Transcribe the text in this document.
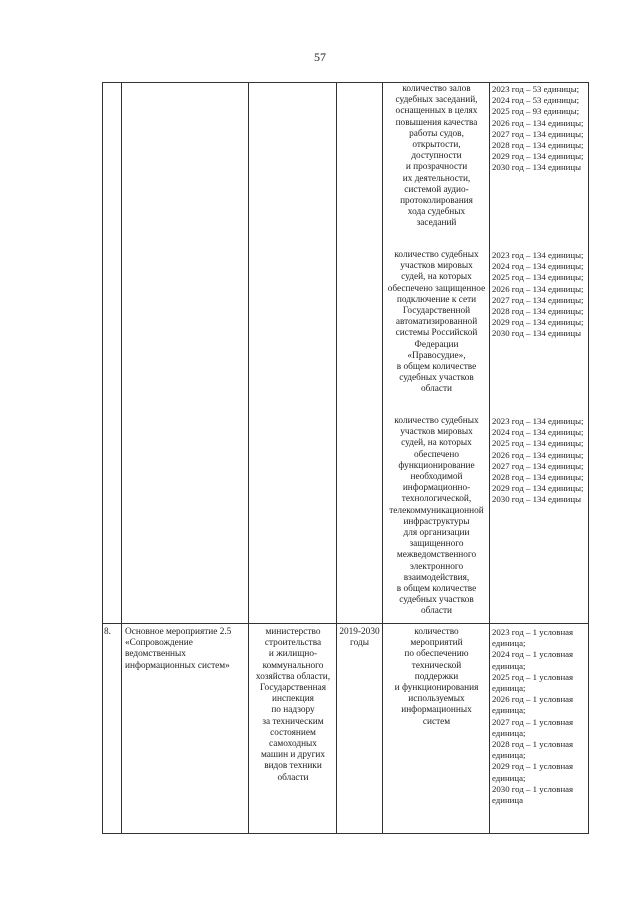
57
количество залов
судебных заседаний,
оснащенных в целях
повышения качества
работы судов,
открытости,
доступности
и прозрачности
их деятельности,
системой аудио-
протоколирования
хода судебных
заседаний
2023 год – 53 единицы;
2024 год – 53 единицы;
2025 год – 93 единицы;
2026 год – 134 единицы;
2027 год – 134 единицы;
2028 год – 134 единицы;
2029 год – 134 единицы;
2030 год – 134 единицы
количество судебных
участков мировых
судей, на которых
обеспечено защищенное
подключение к сети
Государственной
автоматизированной
системы Российской
Федерации
«Правосудие»,
в общем количестве
судебных участков
области
2023 год – 134 единицы;
2024 год – 134 единицы;
2025 год – 134 единицы;
2026 год – 134 единицы;
2027 год – 134 единицы;
2028 год – 134 единицы;
2029 год – 134 единицы;
2030 год – 134 единицы
количество судебных
участков мировых
судей, на которых
обеспечено
функционирование
необходимой
информационно-
технологической,
телекоммуникационной
инфраструктуры
для организации
защищенного
межведомственного
электронного
взаимодействия,
в общем количестве
судебных участков
области
2023 год – 134 единицы;
2024 год – 134 единицы;
2025 год – 134 единицы;
2026 год – 134 единицы;
2027 год – 134 единицы;
2028 год – 134 единицы;
2029 год – 134 единицы;
2030 год – 134 единицы
8.	Основное мероприятие 2.5
«Сопровождение
ведомственных
информационных систем»
министерство
строительства
и жилищно-
коммунального
хозяйства области,
Государственная
инспекция
по надзору
за техническим
состоянием
самоходных
машин и других
видов техники
области
2019-2030
годы
количество
мероприятий
по обеспечению
технической
поддержки
и функционирования
используемых
информационных
систем
2023 год – 1 условная
единица;
2024 год – 1 условная
единица;
2025 год – 1 условная
единица;
2026 год – 1 условная
единица;
2027 год – 1 условная
единица;
2028 год – 1 условная
единица;
2029 год – 1 условная
единица;
2030 год – 1 условная
единица
